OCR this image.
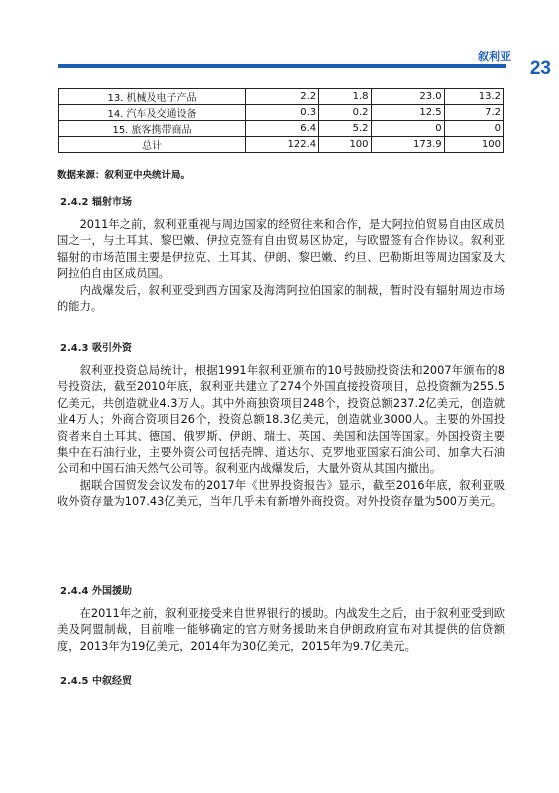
叙利亚
23
13. 机械及电子产品	2.2	1.8	23.0	13.2
14. 汽车及交通设备	0.3	0.2	12.5	7.2
15. 旅客携带商品	6.4	5.2	0	0
总计	122.4	100	173.9	100
数据来源：叙利亚中央统计局。
2.4.2 辐射市场
2011年之前，叙利亚重视与周边国家的经贸往来和合作，是大阿拉伯贸易自由区成员国之一，与土耳其、黎巴嫩、伊拉克签有自由贸易区协定，与欧盟签有合作协议。叙利亚辐射的市场范围主要是伊拉克、土耳其、伊朗、黎巴嫩、约旦、巴勒斯坦等周边国家及大阿拉伯自由区成员国。
内战爆发后，叙利亚受到西方国家及海湾阿拉伯国家的制裁，暂时没有辐射周边市场的能力。
2.4.3 吸引外资
叙利亚投资总局统计，根据1991年叙利亚颁布的10号鼓励投资法和2007年颁布的8号投资法，截至2010年底，叙利亚共建立了274个外国直接投资项目，总投资额为255.5亿美元，共创造就业4.3万人。其中外商独资项目248个，投资总额237.2亿美元，创造就业4万人；外商合资项目26个，投资总额18.3亿美元，创造就业3000人。主要的外国投资者来自土耳其、德国、俄罗斯、伊朗、瑞士、英国、美国和法国等国家。外国投资主要集中在石油行业，主要外资公司包括壳牌、道达尔、克罗地亚国家石油公司、加拿大石油公司和中国石油天然气公司等。叙利亚内战爆发后，大量外资从其国内撤出。
据联合国贸发会议发布的2017年《世界投资报告》显示，截至2016年底，叙利亚吸收外资存量为107.43亿美元，当年几乎未有新增外商投资。对外投资存量为500万美元。
2.4.4 外国援助
在2011年之前，叙利亚接受来自世界银行的援助。内战发生之后，由于叙利亚受到欧美及阿盟制裁，目前唯一能够确定的官方财务援助来自伊朗政府宣布对其提供的信贷额度，2013年为19亿美元，2014年为30亿美元，2015年为9.7亿美元。
2.4.5 中叙经贸
